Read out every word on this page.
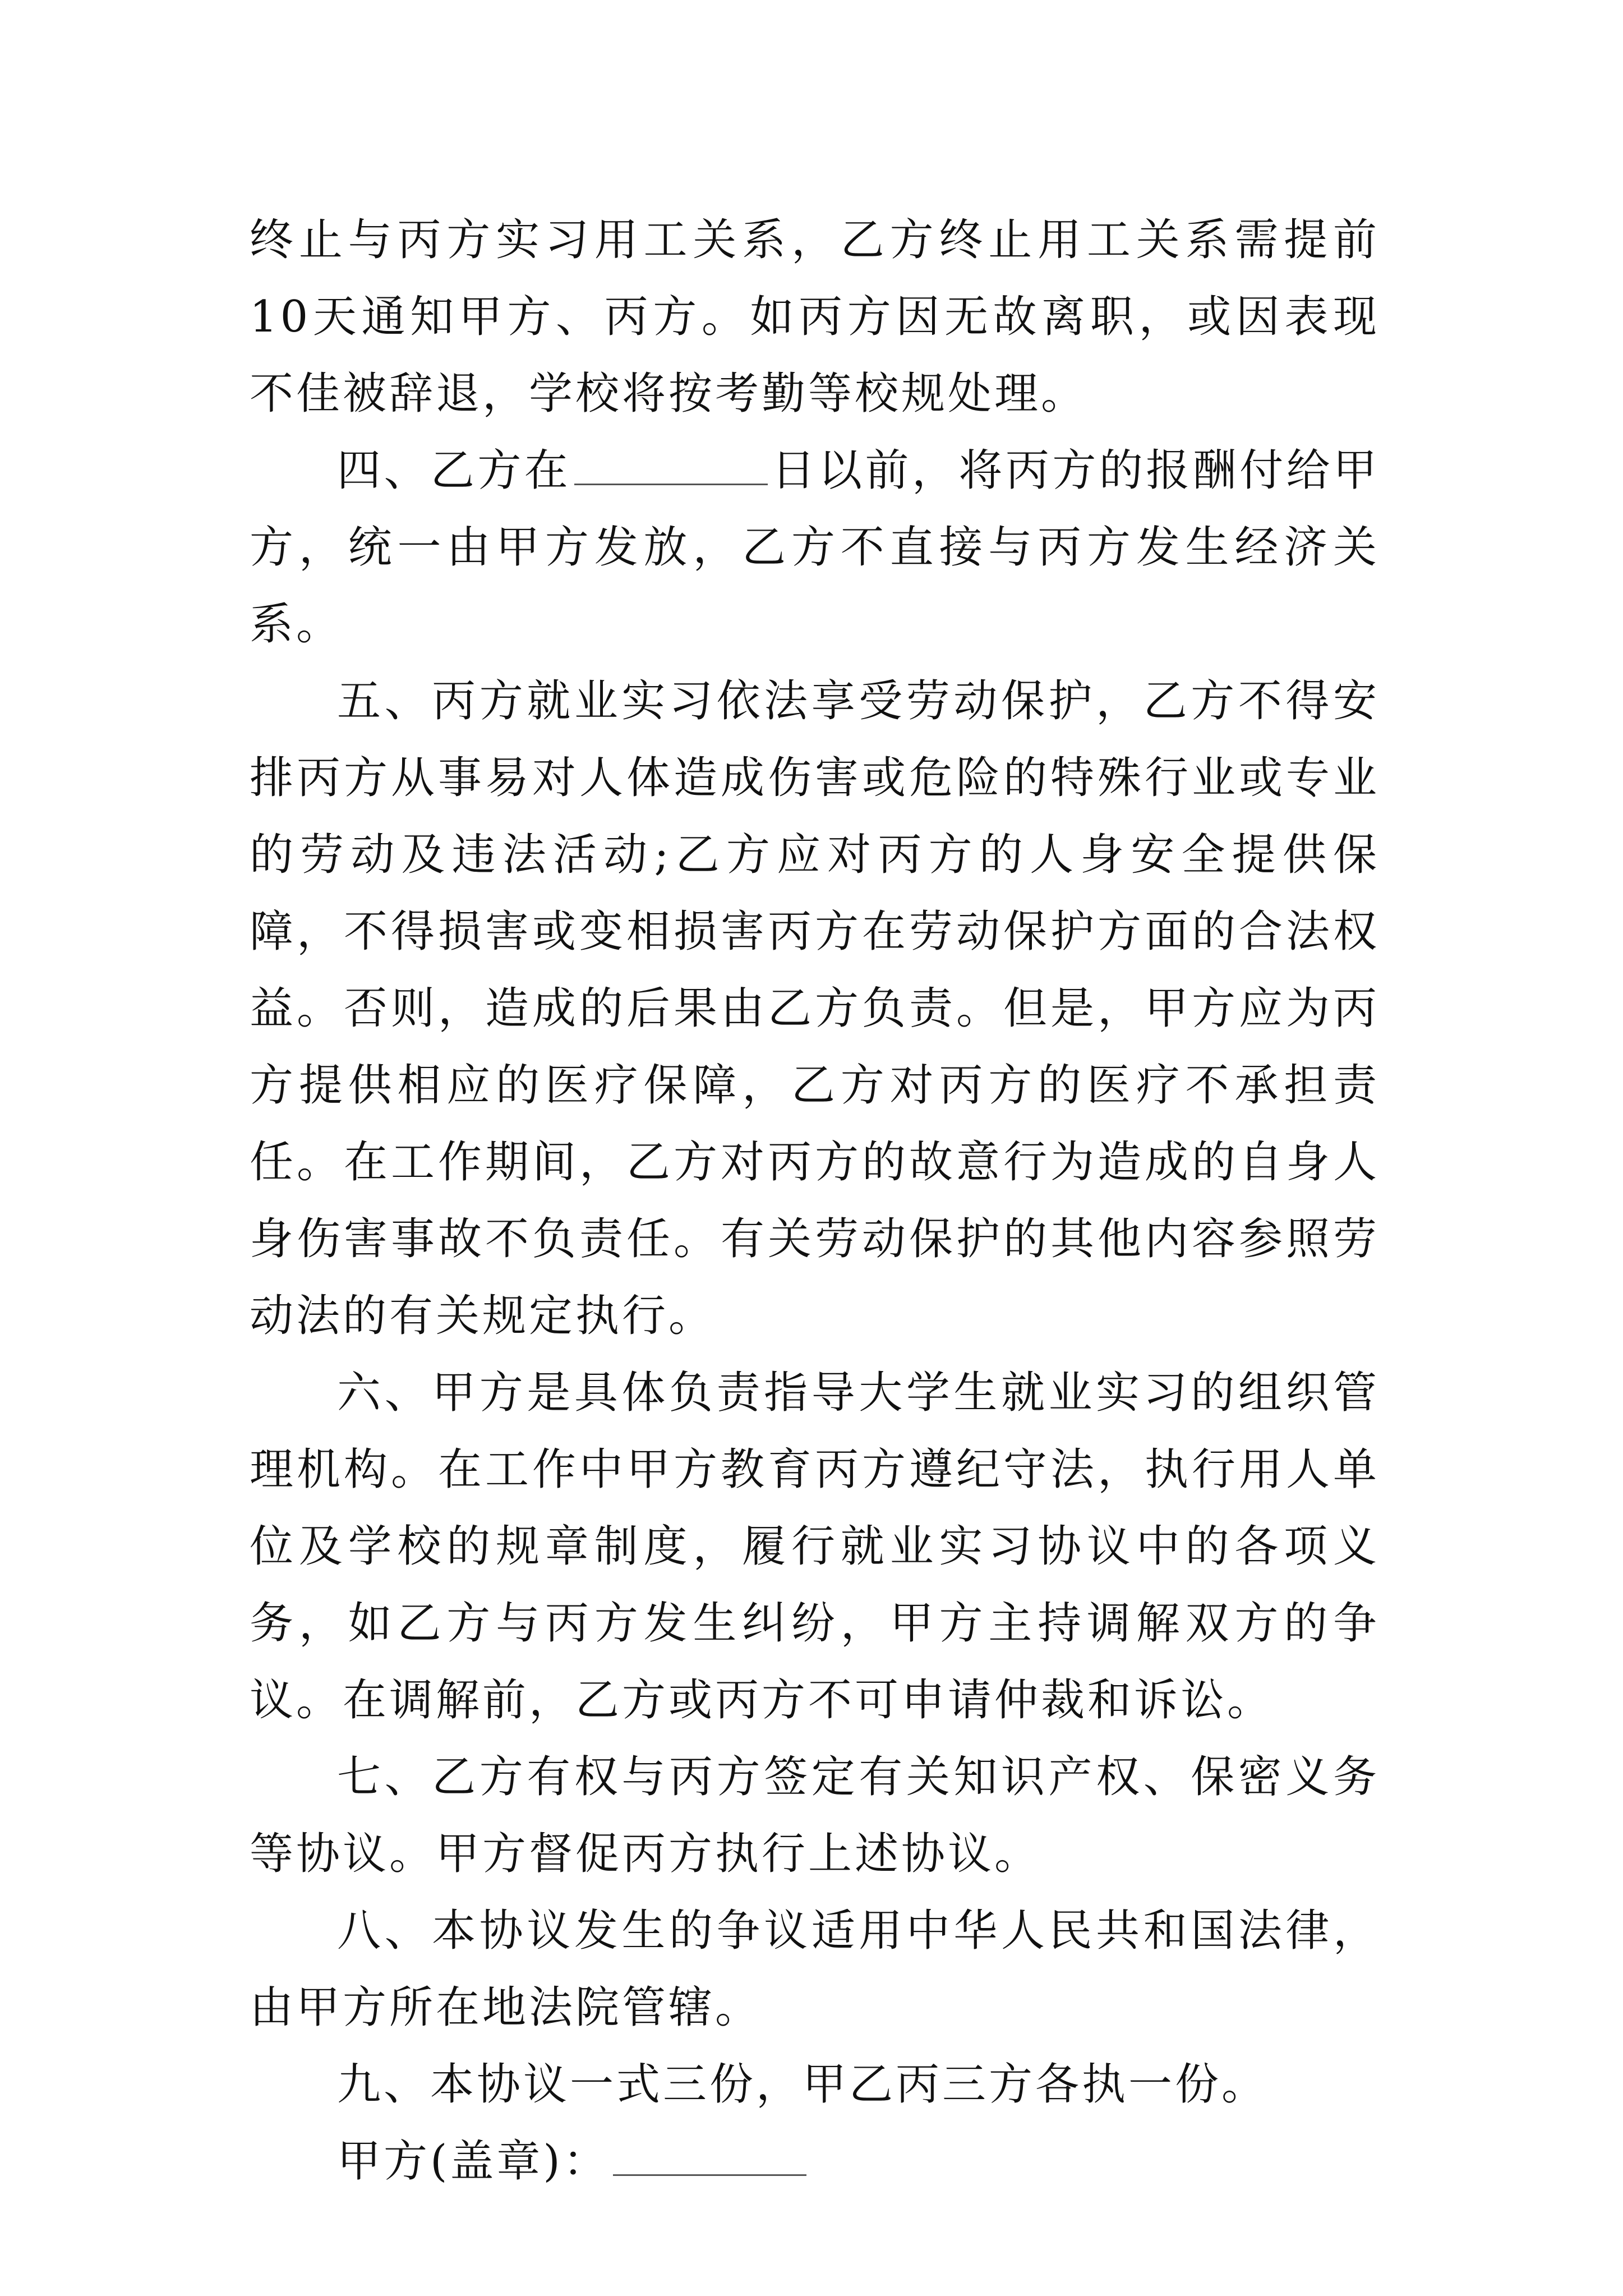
终止与丙方实习用工关系，乙方终止用工关系需提前10天通知甲方、丙方。如丙方因无故离职，或因表现不佳被辞退，学校将按考勤等校规处理。

四、乙方在	日以前，将丙方的报酬付给甲方，统一由甲方发放，乙方不直接与丙方发生经济关系。

五、丙方就业实习依法享受劳动保护，乙方不得安排丙方从事易对人体造成伤害或危险的特殊行业或专业的劳动及违法活动;乙方应对丙方的人身安全提供保障，不得损害或变相损害丙方在劳动保护方面的合法权益。否则，造成的后果由乙方负责。但是，甲方应为丙方提供相应的医疗保障，乙方对丙方的医疗不承担责任。在工作期间，乙方对丙方的故意行为造成的自身人身伤害事故不负责任。有关劳动保护的其他内容参照劳动法的有关规定执行。

六、甲方是具体负责指导大学生就业实习的组织管理机构。在工作中甲方教育丙方遵纪守法，执行用人单位及学校的规章制度，履行就业实习协议中的各项义务，如乙方与丙方发生纠纷，甲方主持调解双方的争议。在调解前，乙方或丙方不可申请仲裁和诉讼。

七、乙方有权与丙方签定有关知识产权、保密义务等协议。甲方督促丙方执行上述协议。

八、本协议发生的争议适用中华人民共和国法律，由甲方所在地法院管辖。

九、本协议一式三份，甲乙丙三方各执一份。

甲方(盖章)：
